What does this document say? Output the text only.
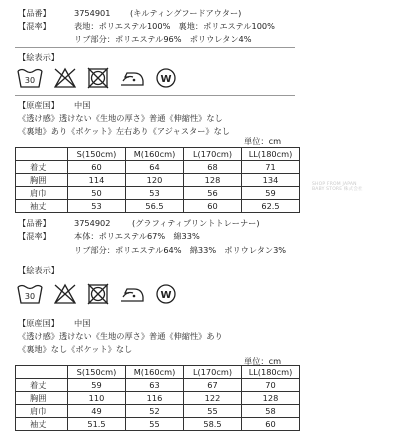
【品番】	3754901 (キルティングフードアウター)
【混率】	表地：ポリエステル100%　裏地：ポリエステル100%
リブ部分：ポリエステル96%　ポリウレタン4%
【絵表示】
30	W
【原産国】 中国
《透け感》透けない《生地の厚さ》普通《伸縮性》なし
《裏地》あり《ポケット》左右あり《アジャスター》なし
単位：cm
	S(150cm)	M(160cm)	L(170cm)	LL(180cm)
着丈	60	64	68	71
胸囲	114	120	128	134
肩巾	50	53	56	59
袖丈	53	56.5	60	62.5
SHOP FROM JAPAN
BABY STORE 株式会社
【品番】	3754902	(グラフィティプリントトレーナー)
【混率】	本体：ポリエステル67%　綿33%
リブ部分：ポリエステル64%　綿33%　ポリウレタン3%
【絵表示】
30	W
【原産国】 中国
《透け感》透けない《生地の厚さ》普通《伸縮性》あり
《裏地》なし《ポケット》なし
単位：cm
	S(150cm)	M(160cm)	L(170cm)	LL(180cm)
着丈	59	63	67	70
胸囲	110	116	122	128
肩巾	49	52	55	58
袖丈	51.5	55	58.5	60
